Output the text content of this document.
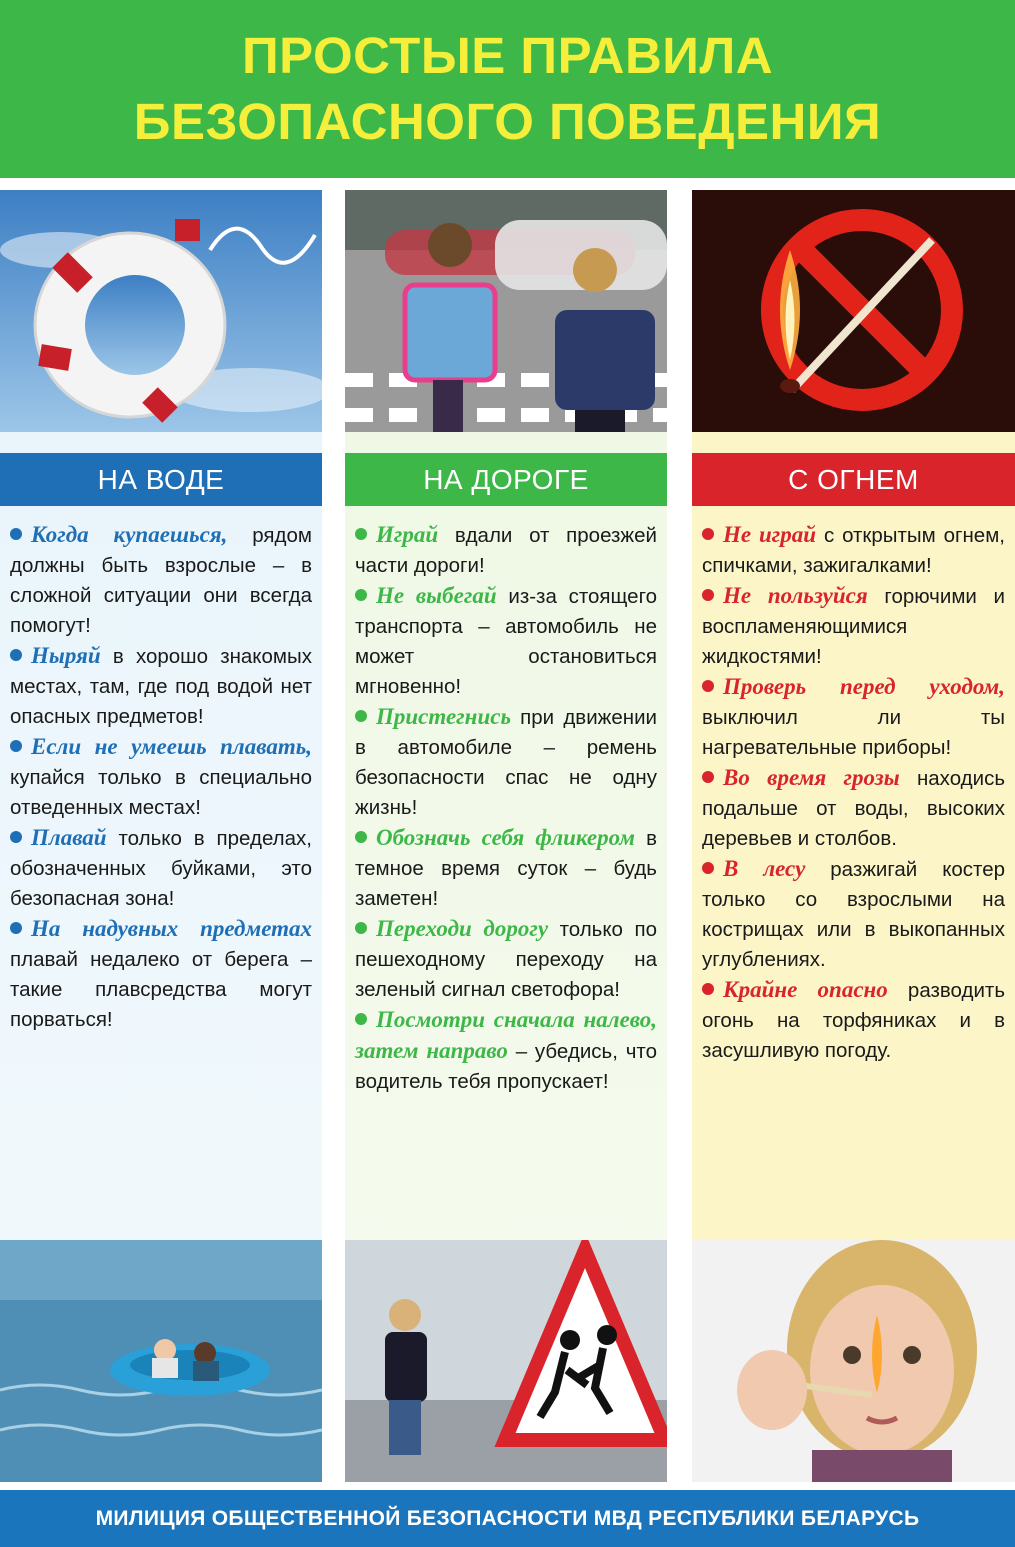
ПРОСТЫЕ ПРАВИЛА
БЕЗОПАСНОГО ПОВЕДЕНИЯ
НА ВОДЕ
Когда купаешься, рядом должны быть взрослые – в сложной ситуации они всегда помогут!
Ныряй в хорошо знакомых местах, там, где под водой нет опасных предметов!
Если не умеешь плавать, купайся только в специально отведенных местах!
Плавай только в пределах, обозначенных буйками, это безопасная зона!
На надувных предметах плавай недалеко от берега – такие плавсредства могут порваться!
НА ДОРОГЕ
Играй вдали от проезжей части дороги!
Не выбегай из-за стоящего транспорта – автомобиль не может остановиться мгновенно!
Пристегнись при движении в автомобиле – ремень безопасности спас не одну жизнь!
Обозначь себя фликером в темное время суток – будь заметен!
Переходи дорогу только по пешеходному переходу на зеленый сигнал светофора!
Посмотри сначала налево, затем направо – убедись, что водитель тебя пропускает!
С ОГНЕМ
Не играй с открытым огнем, спичками, зажигалками!
Не пользуйся горючими и воспламеняющимися жидкостями!
Проверь перед уходом, выключил ли ты нагревательные приборы!
Во время грозы находись подальше от воды, высоких деревьев и столбов.
В лесу разжигай костер только со взрослыми на кострищах или в выкопанных углублениях.
Крайне опасно разводить огонь на торфяниках и в засушливую погоду.
МИЛИЦИЯ ОБЩЕСТВЕННОЙ БЕЗОПАСНОСТИ МВД РЕСПУБЛИКИ БЕЛАРУСЬ
